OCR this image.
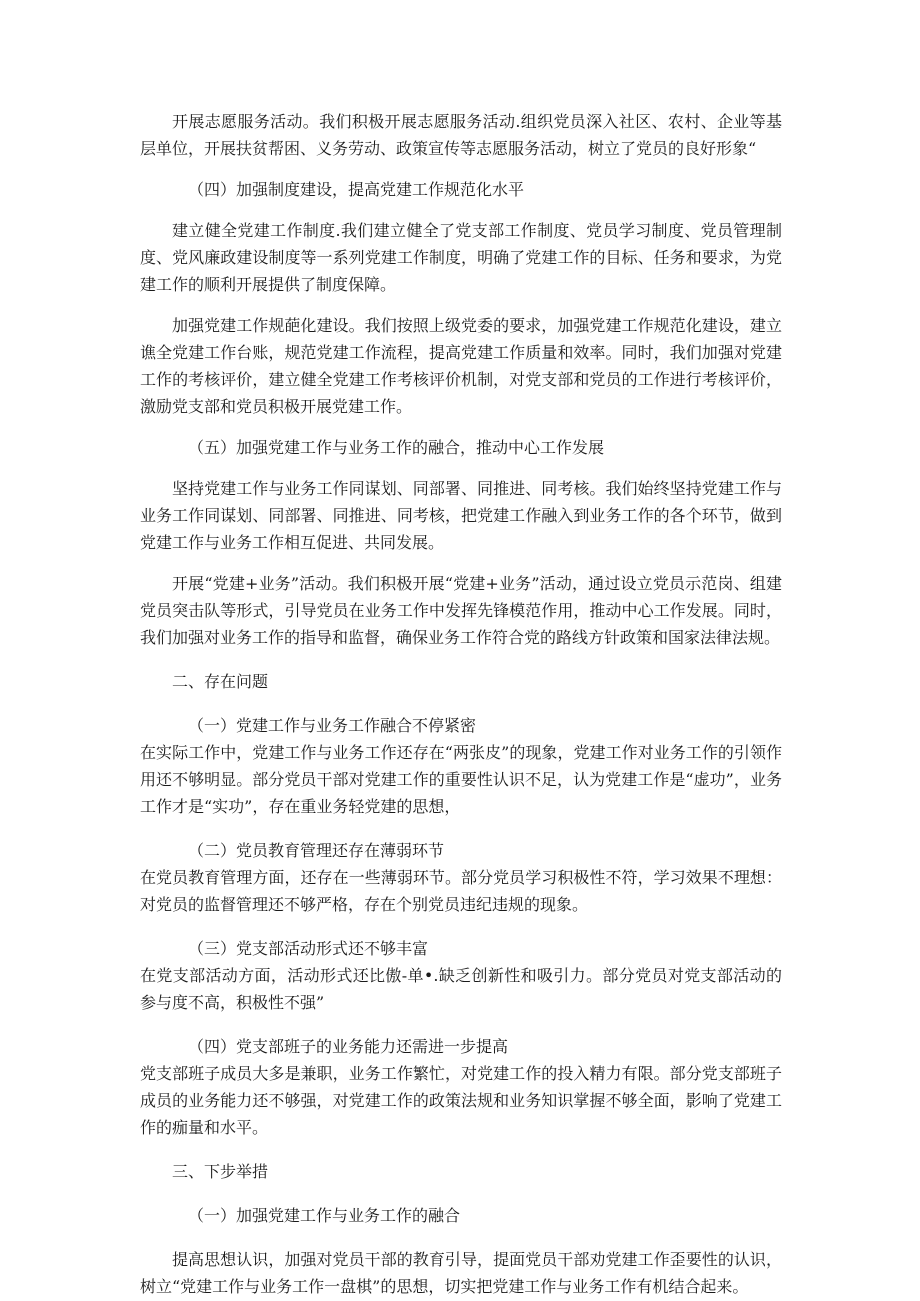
开展志愿服务活动。我们积极开展志愿服务活动.组织党员深入社区、农村、企业等基层单位，开展扶贫帮困、义务劳动、政策宣传等志愿服务活动，树立了党员的良好形象“

（四）加强制度建设，提高党建工作规范化水平

建立健全党建工作制度.我们建立健全了党支部工作制度、党员学习制度、党员管理制度、党风廉政建设制度等一系列党建工作制度，明确了党建工作的目标、任务和要求，为党建工作的顺利开展提供了制度保障。

加强党建工作规葩化建设。我们按照上级党委的要求，加强党建工作规范化建设，建立谯全党建工作台账，规范党建工作流程，提高党建工作质量和效率。同时，我们加强对党建工作的考核评价，建立健全党建工作考核评价机制，对党支部和党员的工作进行考核评价，激励党支部和党员积极开展党建工作。

（五）加强党建工作与业务工作的融合，推动中心工作发展

坚持党建工作与业务工作同谋划、同部署、同推进、同考核。我们始终坚持党建工作与业务工作同谋划、同部署、同推进、同考核，把党建工作融入到业务工作的各个环节，做到党建工作与业务工作相互促进、共同发展。

开展“党建+业务”活动。我们积极开展“党建+业务”活动，通过设立党员示范岗、组建党员突击队等形式，引导党员在业务工作中发挥先锋模范作用，推动中心工作发展。同时，我们加强对业务工作的指导和监督，确保业务工作符合党的路线方针政策和国家法律法规。

二、存在问题

（一）党建工作与业务工作融合不停紧密

在实际工作中，党建工作与业务工作还存在“两张皮”的现象，党建工作对业务工作的引领作用还不够明显。部分党员干部对党建工作的重要性认识不足，认为党建工作是“虚功”，业务工作才是“实功”，存在重业务轻党建的思想，

（二）党员教育管理还存在薄弱环节

在党员教育管理方面，还存在一些薄弱环节。部分党员学习积极性不符，学习效果不理想：对党员的监督管理还不够严格，存在个别党员违纪违规的现象。

（三）党支部活动形式还不够丰富

在党支部活动方面，活动形式还比傲-单•.缺乏创新性和吸引力。部分党员对党支部活动的参与度不高，积极性不强”

（四）党支部班子的业务能力还需进一步提高

党支部班子成员大多是兼职，业务工作繁忙，对党建工作的投入精力有限。部分党支部班子成员的业务能力还不够强，对党建工作的政策法规和业务知识掌握不够全面，影响了党建工作的痂量和水平。

三、下步举措

（一）加强党建工作与业务工作的融合

提高思想认识，加强对党员干部的教育引导，提面党员干部劝党建工作歪要性的认识，树立“党建工作与业务工作一盘棋”的思想，切实把党建工作与业务工作有机结合起来。
